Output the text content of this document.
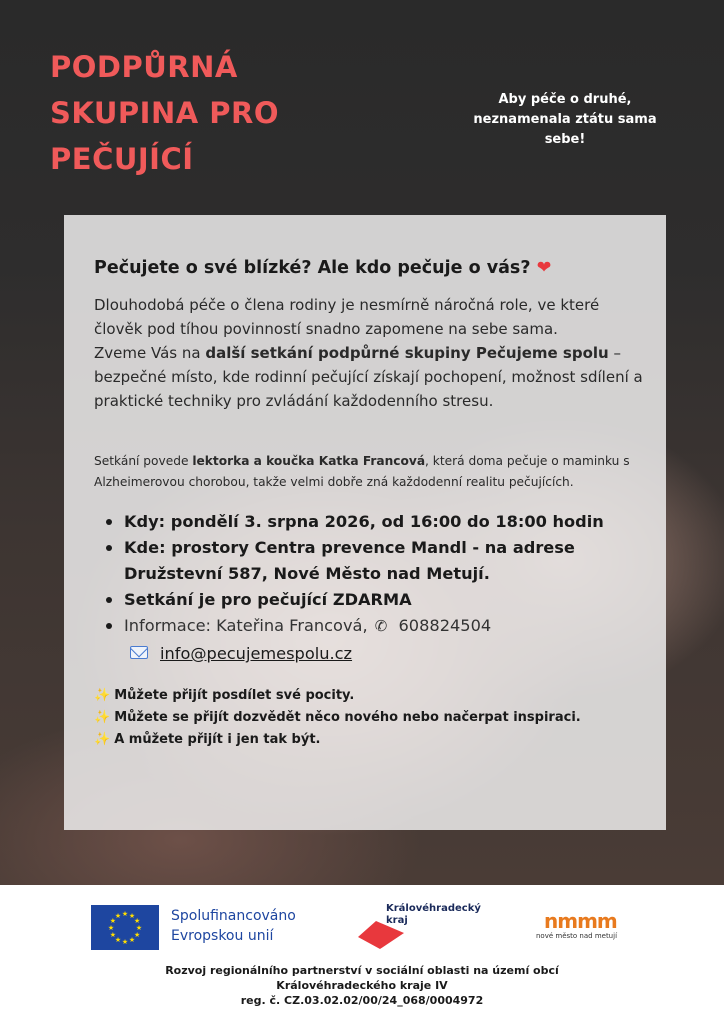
PODPŮRNÁ
SKUPINA PRO
PEČUJÍCÍ
Aby péče o druhé, neznamenala ztátu sama sebe!
Pečujete o své blízké? Ale kdo pečuje o vás? ❤
Dlouhodobá péče o člena rodiny je nesmírně náročná role, ve které člověk pod tíhou povinností snadno zapomene na sebe sama.
Zveme Vás na další setkání podpůrné skupiny Pečujeme spolu – bezpečné místo, kde rodinní pečující získají pochopení, možnost sdílení a praktické techniky pro zvládání každodenního stresu.
Setkání povede lektorka a koučka Katka Francová, která doma pečuje o maminku s Alzheimerovou chorobou, takže velmi dobře zná každodenní realitu pečujících.
Kdy: pondělí 3. srpna 2026, od 16:00 do 18:00 hodin
Kde: prostory Centra prevence Mandl - na adrese Družstevní 587, Nové Město nad Metují.
Setkání je pro pečující ZDARMA
Informace: Kateřina Francová, ✆ 608824504
info@pecujemespolu.cz
✨ Můžete přijít posdílet své pocity.
✨ Můžete se přijít dozvědět něco nového nebo načerpat inspiraci.
✨ A můžete přijít i jen tak být.
★ ★
★
★
★
★
★
★
★
★
★
★	Spolufinancováno
Evropskou unií
Královéhradecký
kraj	nmmm
nové město nad metují
Rozvoj regionálního partnerství v sociální oblasti na území obcí
Královéhradeckého kraje IV
reg. č. CZ.03.02.02/00/24_068/0004972
